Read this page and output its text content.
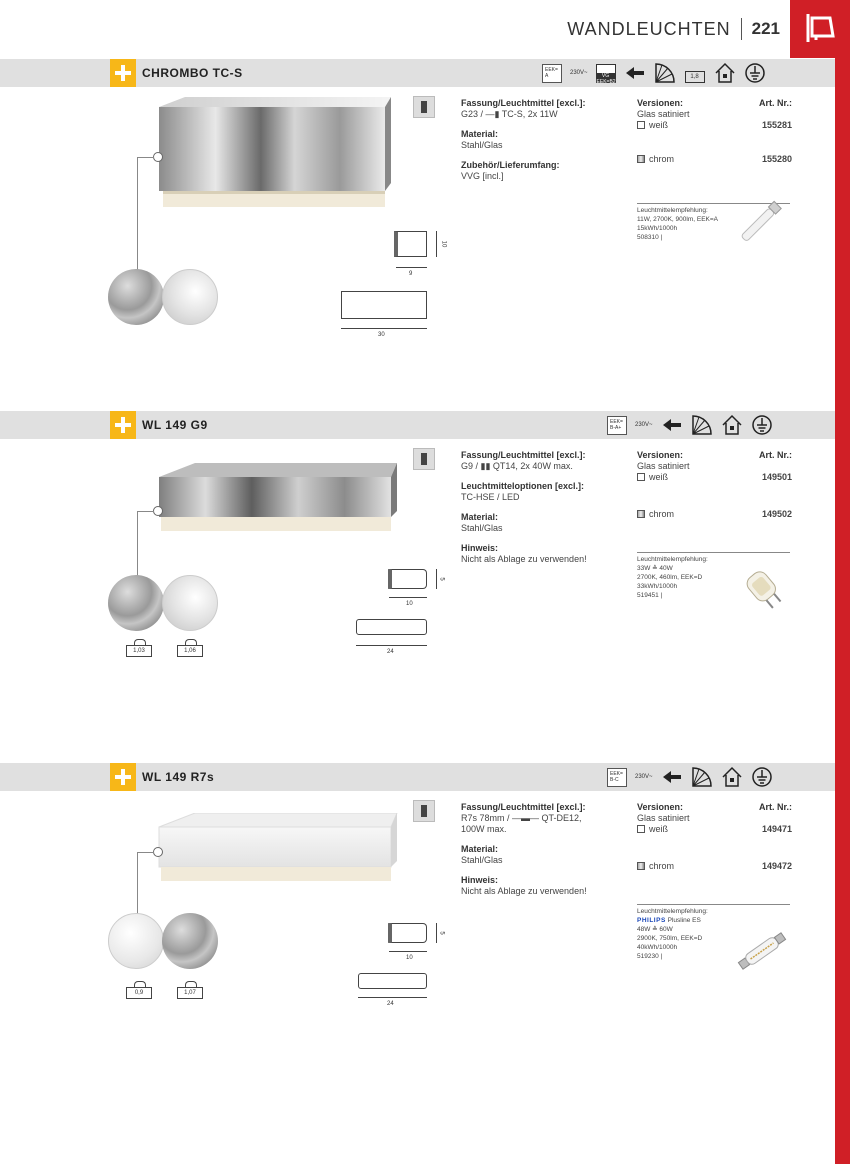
WANDLEUCHTEN 221
CHROMBO TC-S	EEK= A	230V~	VG EEK=B2
1,8
10
9
30
Fassung/Leuchtmittel [excl.]:
G23 / —▮ TC-S, 2x 11W
Material:
Stahl/Glas
Zubehör/Lieferumfang:
VVG [incl.]
Versionen:	Art. Nr.:
Glas satiniert
weiß	155281
chrom	155280
Leuchtmittelempfehlung:
11W, 2700K, 900lm, EEK=A
15kWh/1000h
508310 |
WL 149 G9	EEK= B-A+	230V~
1,03	1,06
5
10
24
Fassung/Leuchtmittel [excl.]:
G9 / ▮▮ QT14, 2x 40W max.
Leuchtmitteloptionen [excl.]:
TC-HSE / LED
Material:
Stahl/Glas
Hinweis:
Nicht als Ablage zu verwenden!
Versionen:	Art. Nr.:
Glas satiniert
weiß	149501
chrom	149502
Leuchtmittelempfehlung:
33W ≙ 40W
2700K, 460lm, EEK=D
33kWh/1000h
519451 |
WL 149 R7s	EEK= B-C	230V~
0,9	1,07
5
10
24
Fassung/Leuchtmittel [excl.]:
R7s 78mm / —▬— QT-DE12,
100W max.
Material:
Stahl/Glas
Hinweis:
Nicht als Ablage zu verwenden!
Versionen:	Art. Nr.:
Glas satiniert
weiß	149471
chrom	149472
Leuchtmittelempfehlung:
PHILIPS Plusline ES
48W ≙ 60W
2900K, 750lm, EEK=D
40kWh/1000h
519230 |
